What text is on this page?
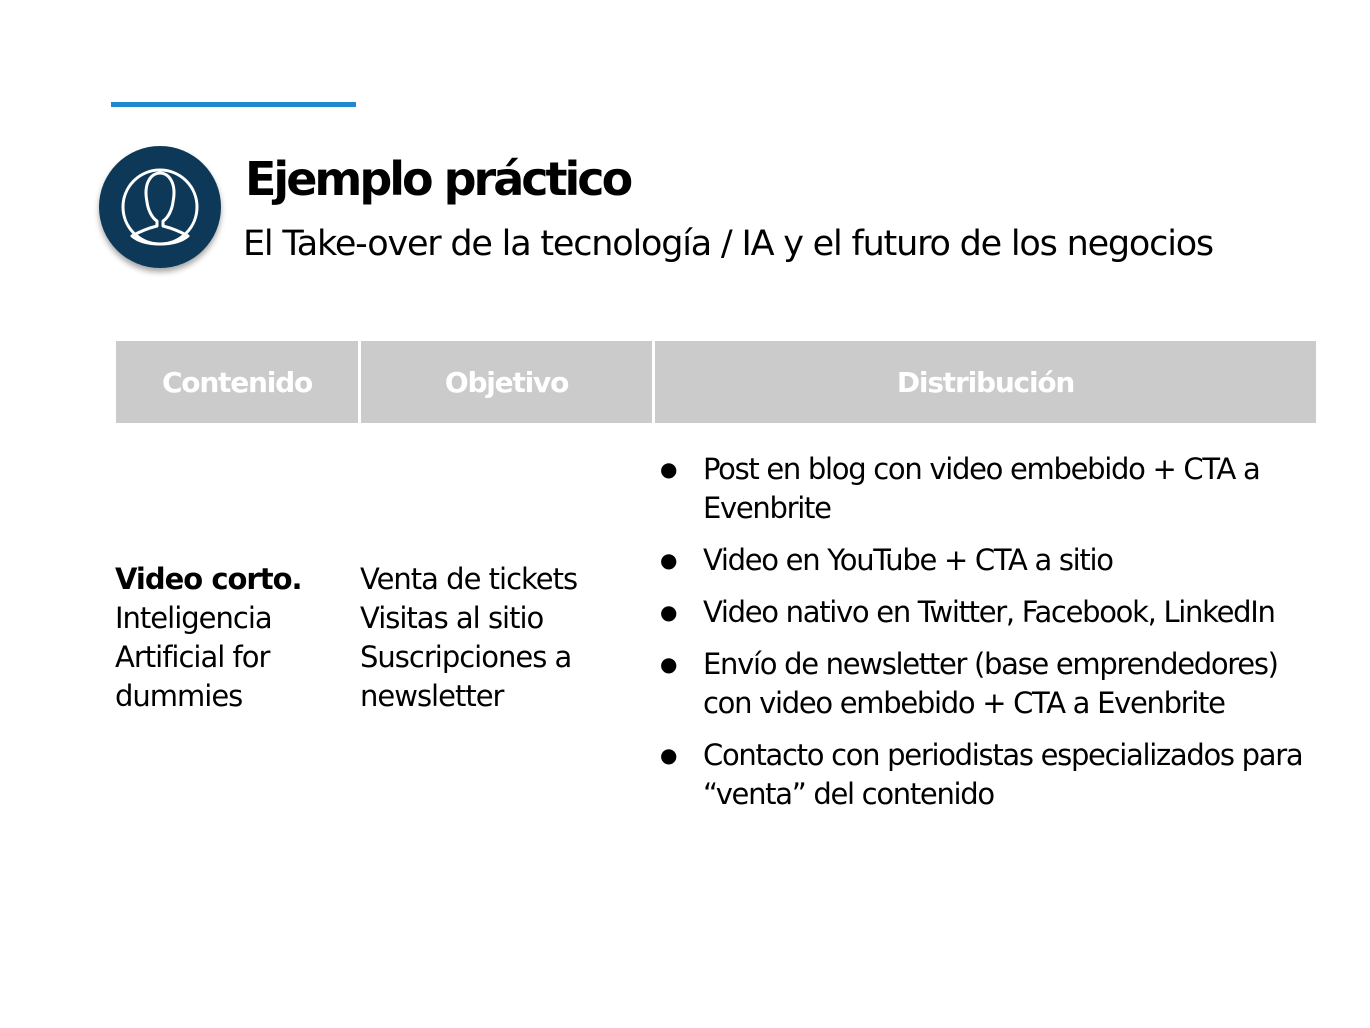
Ejemplo práctico
El Take-over de la tecnología / IA y el futuro de los negocios
Contenido	Objetivo	Distribución
Video corto.
Inteligencia
Artificial for
dummies
Venta de tickets
Visitas al sitio
Suscripciones a
newsletter
● Post en blog con video embebido + CTA a Evenbrite
● Video en YouTube + CTA a sitio
● Video nativo en Twitter, Facebook, LinkedIn
● Envío de newsletter (base emprendedores) con video embebido + CTA a Evenbrite
● Contacto con periodistas especializados para “venta” del contenido
